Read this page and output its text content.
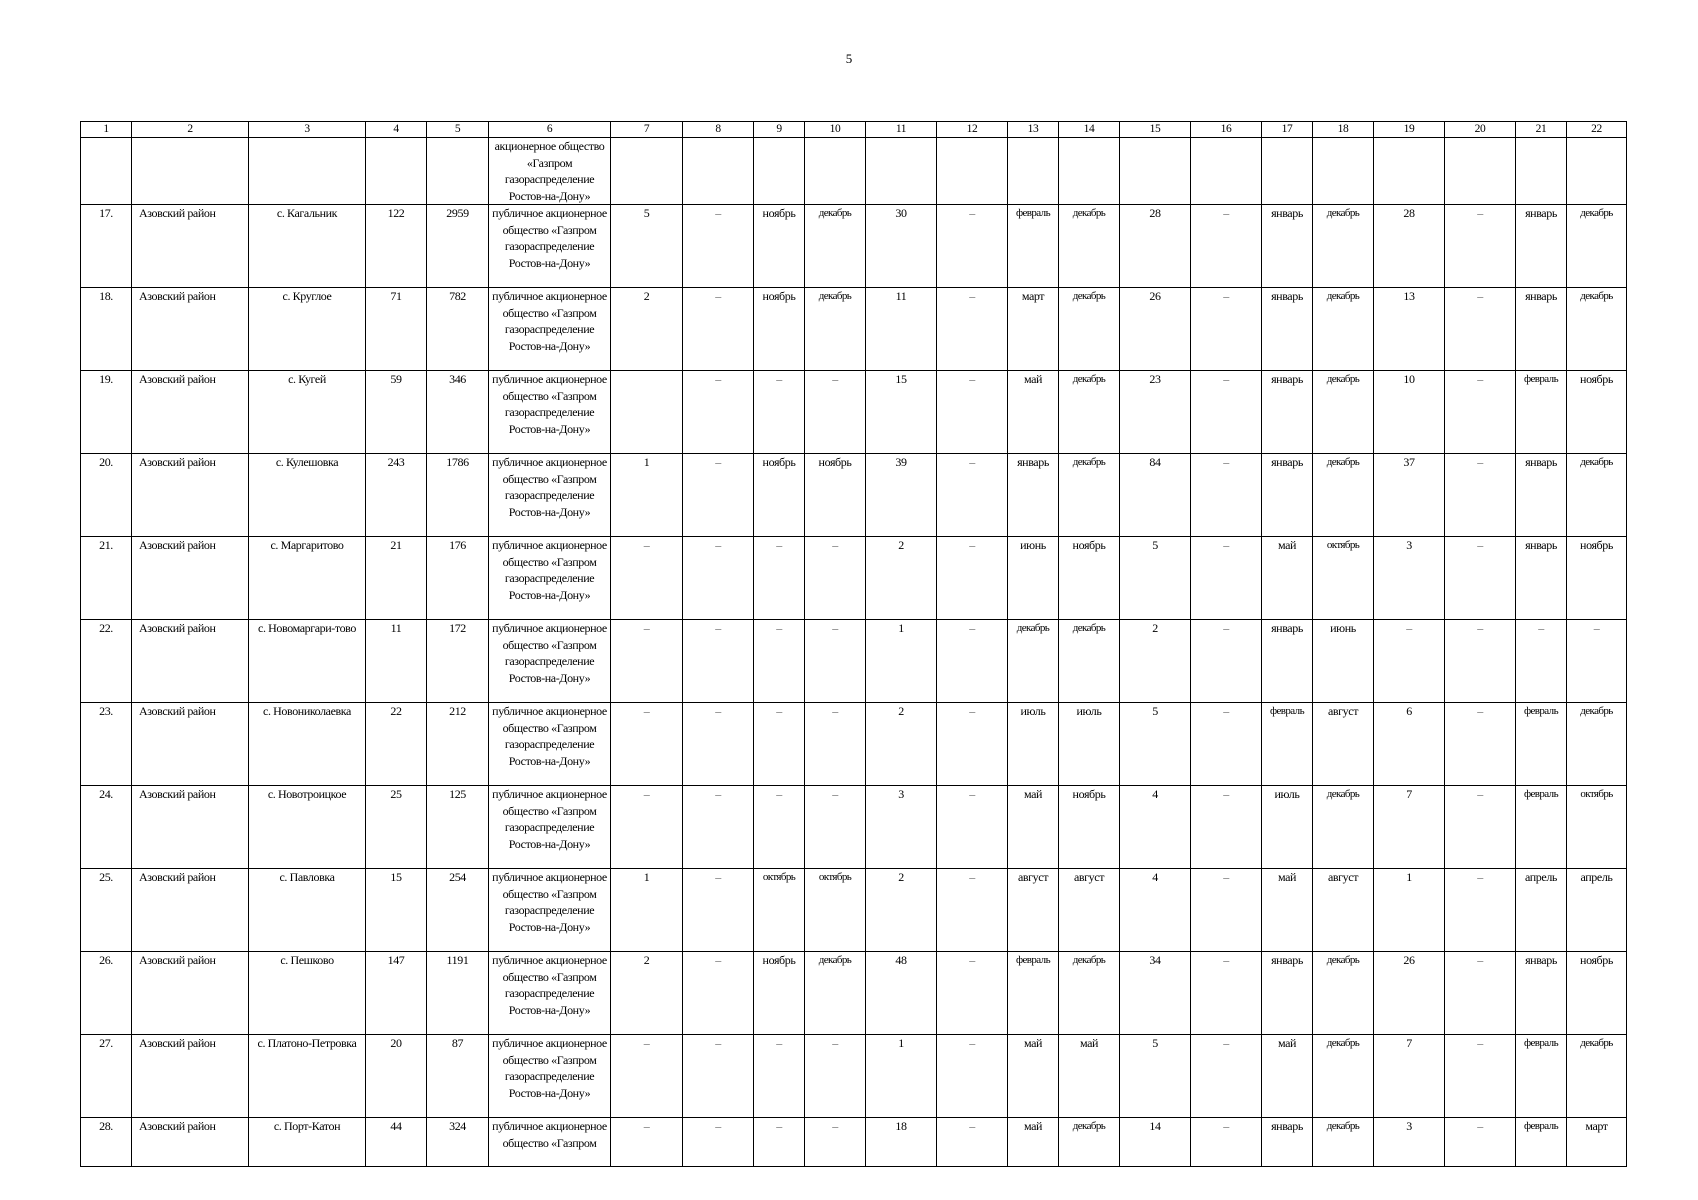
5
1	2	3	4	5	6	7	8	9	10	11	12	13	14	15	16	17	18	19	20	21	22
					акционерное общество «Газпром газораспределение Ростов-на-Дону»																
17.	Азовский район	с. Кагальник	122	2959	публичное акционерное общество «Газпром газораспределение Ростов-на-Дону»	5	–	ноябрь	декабрь	30	–	февраль	декабрь	28	–	январь	декабрь	28	–	январь	декабрь
18.	Азовский район	с. Круглое	71	782	публичное акционерное общество «Газпром газораспределение Ростов-на-Дону»	2	–	ноябрь	декабрь	11	–	март	декабрь	26	–	январь	декабрь	13	–	январь	декабрь
19.	Азовский район	с. Кугей	59	346	публичное акционерное общество «Газпром газораспределение Ростов-на-Дону»		–	–	–	15	–	май	декабрь	23	–	январь	декабрь	10	–	февраль	ноябрь
20.	Азовский район	с. Кулешовка	243	1786	публичное акционерное общество «Газпром газораспределение Ростов-на-Дону»	1	–	ноябрь	ноябрь	39	–	январь	декабрь	84	–	январь	декабрь	37	–	январь	декабрь
21.	Азовский район	с. Маргаритово	21	176	публичное акционерное общество «Газпром газораспределение Ростов-на-Дону»	–	–	–	–	2	–	июнь	ноябрь	5	–	май	октябрь	3	–	январь	ноябрь
22.	Азовский район	с. Новомаргари-тово	11	172	публичное акционерное общество «Газпром газораспределение Ростов-на-Дону»	–	–	–	–	1	–	декабрь	декабрь	2	–	январь	июнь	–	–	–	–
23.	Азовский район	с. Новониколаевка	22	212	публичное акционерное общество «Газпром газораспределение Ростов-на-Дону»	–	–	–	–	2	–	июль	июль	5	–	февраль	август	6	–	февраль	декабрь
24.	Азовский район	с. Новотроицкое	25	125	публичное акционерное общество «Газпром газораспределение Ростов-на-Дону»	–	–	–	–	3	–	май	ноябрь	4	–	июль	декабрь	7	–	февраль	октябрь
25.	Азовский район	с. Павловка	15	254	публичное акционерное общество «Газпром газораспределение Ростов-на-Дону»	1	–	октябрь	октябрь	2	–	август	август	4	–	май	август	1	–	апрель	апрель
26.	Азовский район	с. Пешково	147	1191	публичное акционерное общество «Газпром газораспределение Ростов-на-Дону»	2	–	ноябрь	декабрь	48	–	февраль	декабрь	34	–	январь	декабрь	26	–	январь	ноябрь
27.	Азовский район	с. Платоно-Петровка	20	87	публичное акционерное общество «Газпром газораспределение Ростов-на-Дону»	–	–	–	–	1	–	май	май	5	–	май	декабрь	7	–	февраль	декабрь
28.	Азовский район	с. Порт-Катон	44	324	публичное акционерное общество «Газпром	–	–	–	–	18	–	май	декабрь	14	–	январь	декабрь	3	–	февраль	март
